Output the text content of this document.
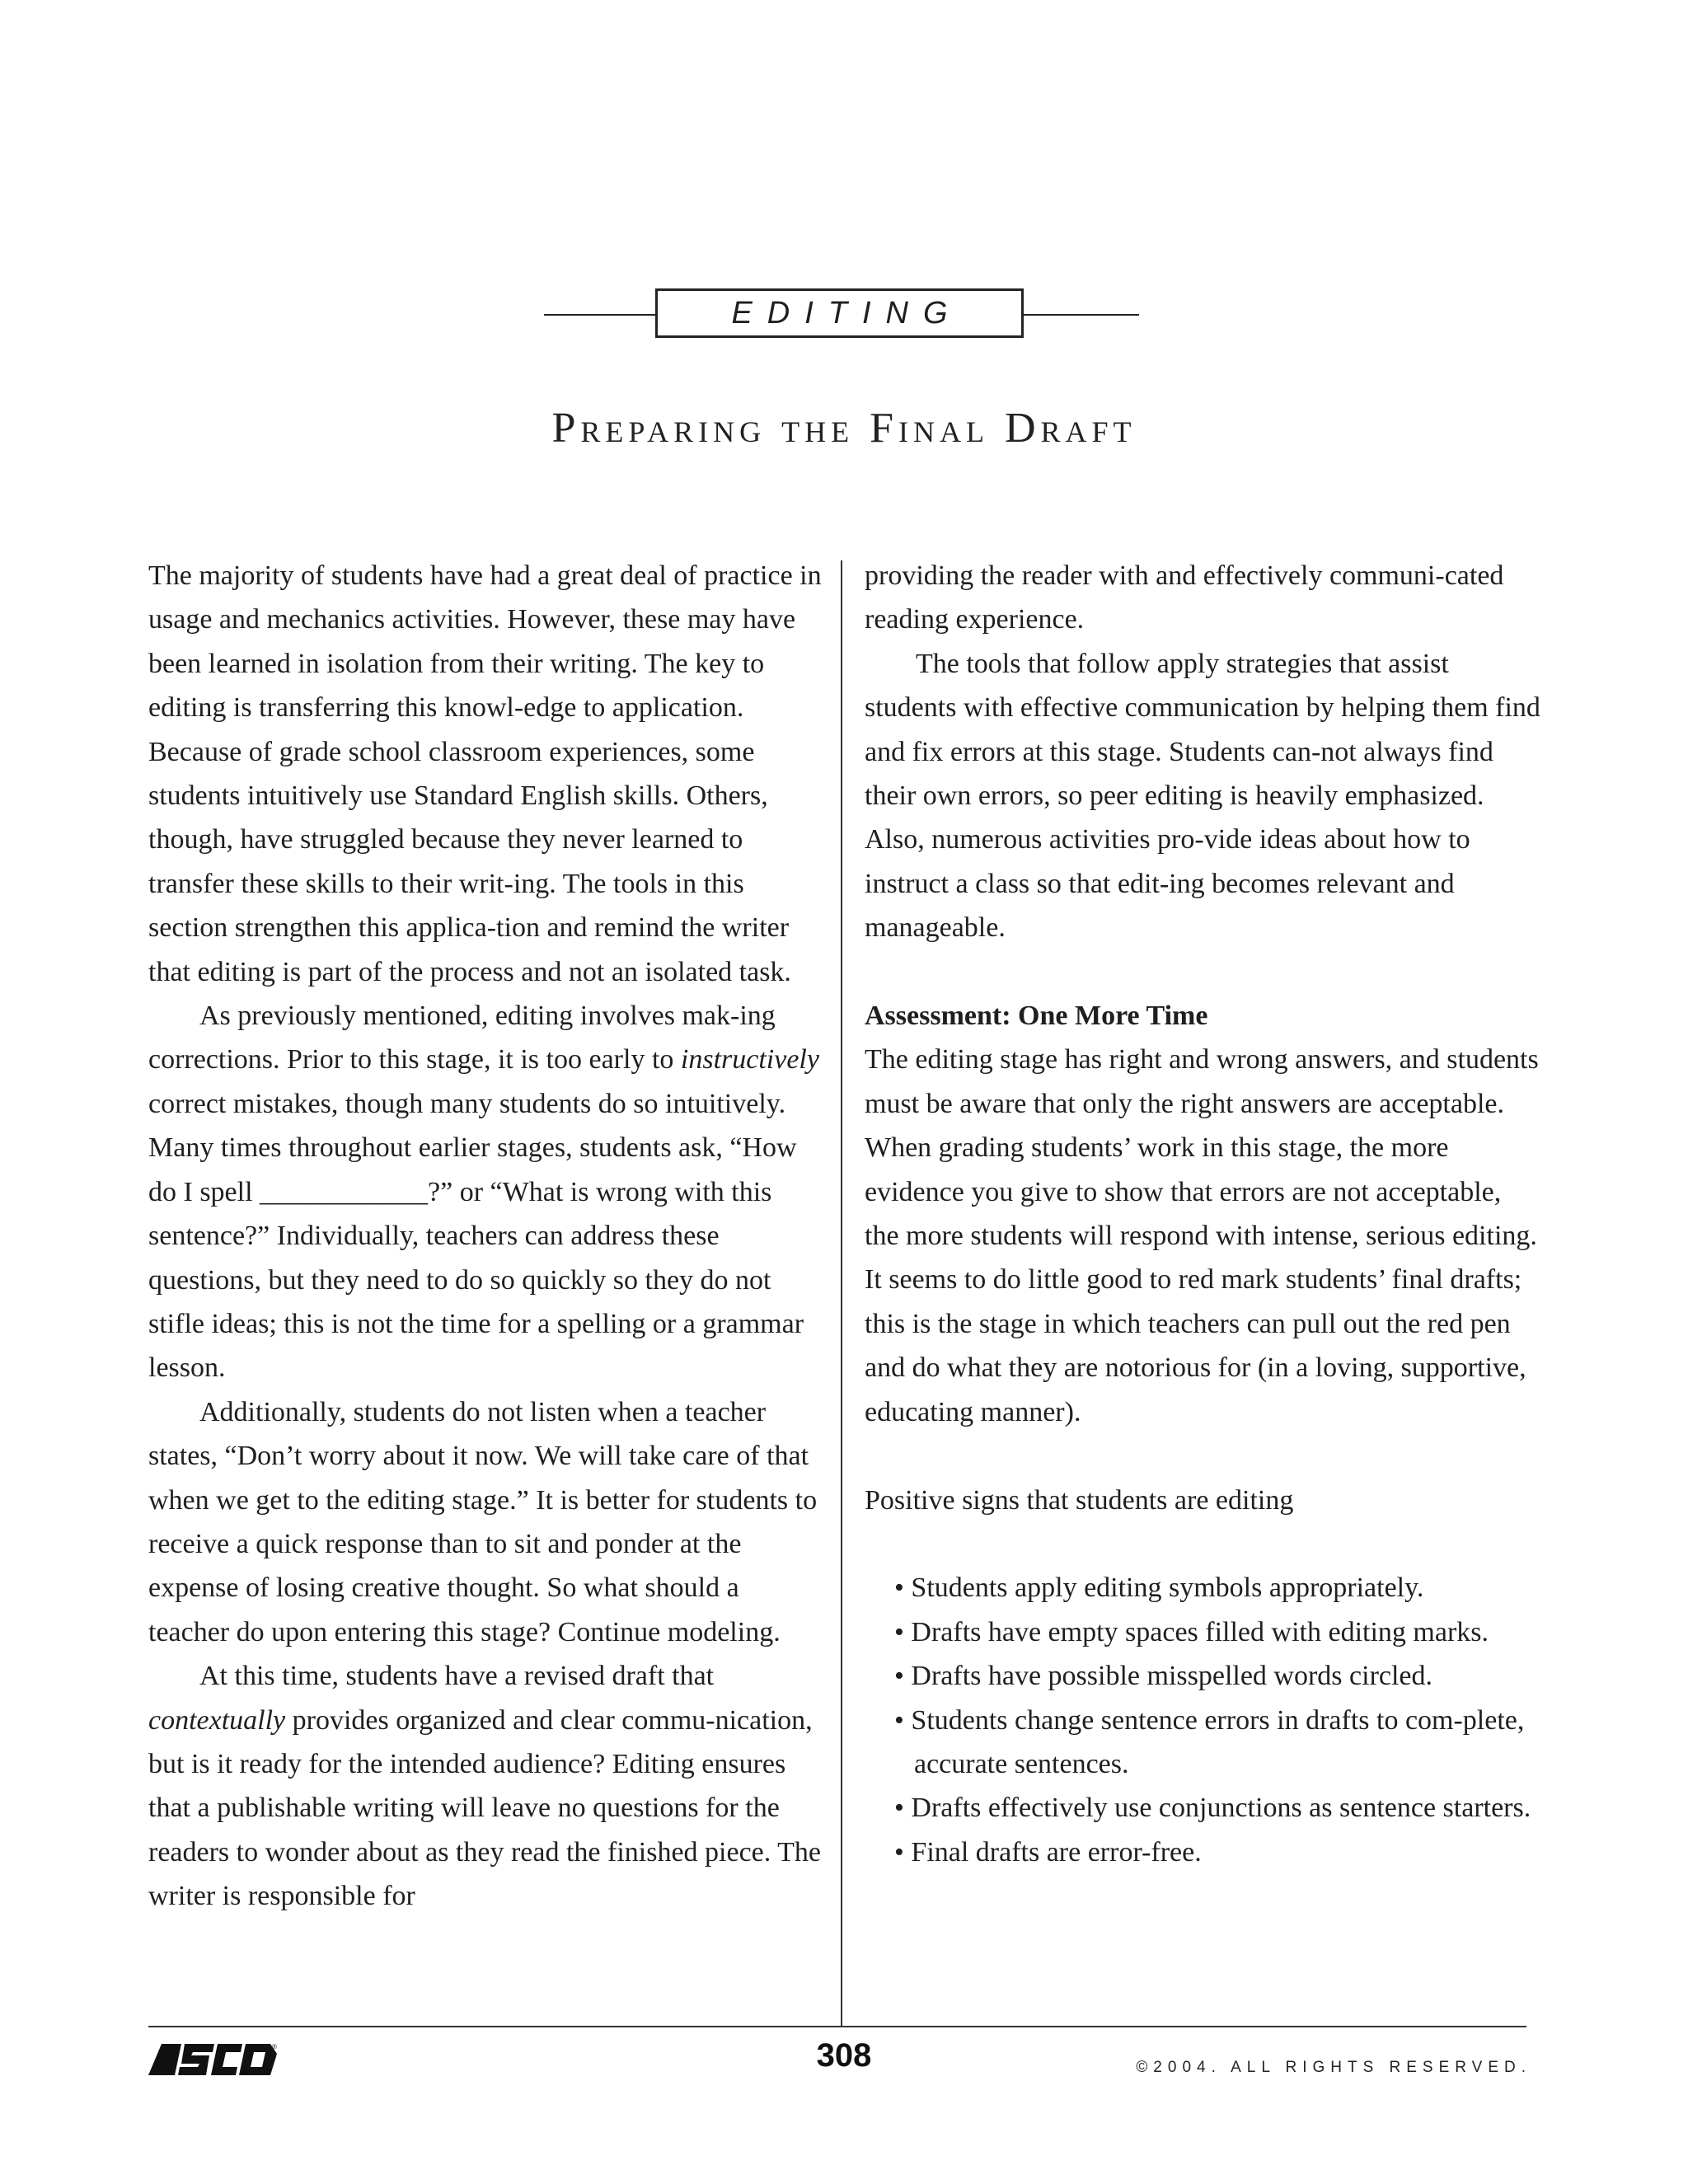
EDITING
Preparing the Final Draft

The majority of students have had a great deal of practice in usage and mechanics activities. However, these may have been learned in isolation from their writing. The key to editing is transferring this knowl-edge to application. Because of grade school classroom experiences, some students intuitively use Standard English skills. Others, though, have struggled because they never learned to transfer these skills to their writ-ing. The tools in this section strengthen this applica-tion and remind the writer that editing is part of the process and not an isolated task.

As previously mentioned, editing involves mak-ing corrections. Prior to this stage, it is too early to instructively correct mistakes, though many students do so intuitively. Many times throughout earlier stages, students ask, “How do I spell ____________?” or “What is wrong with this sentence?” Individually, teachers can address these questions, but they need to do so quickly so they do not stifle ideas; this is not the time for a spelling or a grammar lesson.

Additionally, students do not listen when a teacher states, “Don’t worry about it now. We will take care of that when we get to the editing stage.” It is better for students to receive a quick response than to sit and ponder at the expense of losing creative thought. So what should a teacher do upon entering this stage? Continue modeling.

At this time, students have a revised draft that contextually provides organized and clear commu-nication, but is it ready for the intended audience? Editing ensures that a publishable writing will leave no questions for the readers to wonder about as they read the finished piece. The writer is responsible for

providing the reader with and effectively communi-cated reading experience.

The tools that follow apply strategies that assist students with effective communication by helping them find and fix errors at this stage. Students can-not always find their own errors, so peer editing is heavily emphasized. Also, numerous activities pro-vide ideas about how to instruct a class so that edit-ing becomes relevant and manageable.

Assessment: One More Time

The editing stage has right and wrong answers, and students must be aware that only the right answers are acceptable. When grading students’ work in this stage, the more evidence you give to show that errors are not acceptable, the more students will respond with intense, serious editing. It seems to do little good to red mark students’ final drafts; this is the stage in which teachers can pull out the red pen and do what they are notorious for (in a loving, supportive, educating manner).

Positive signs that students are editing

• Students apply editing symbols appropriately.
• Drafts have empty spaces filled with editing marks.
• Drafts have possible misspelled words circled.
• Students change sentence errors in drafts to com-plete, accurate sentences.
• Drafts effectively use conjunctions as sentence starters.
• Final drafts are error-free.
®	308	©2004. ALL RIGHTS RESERVED.
